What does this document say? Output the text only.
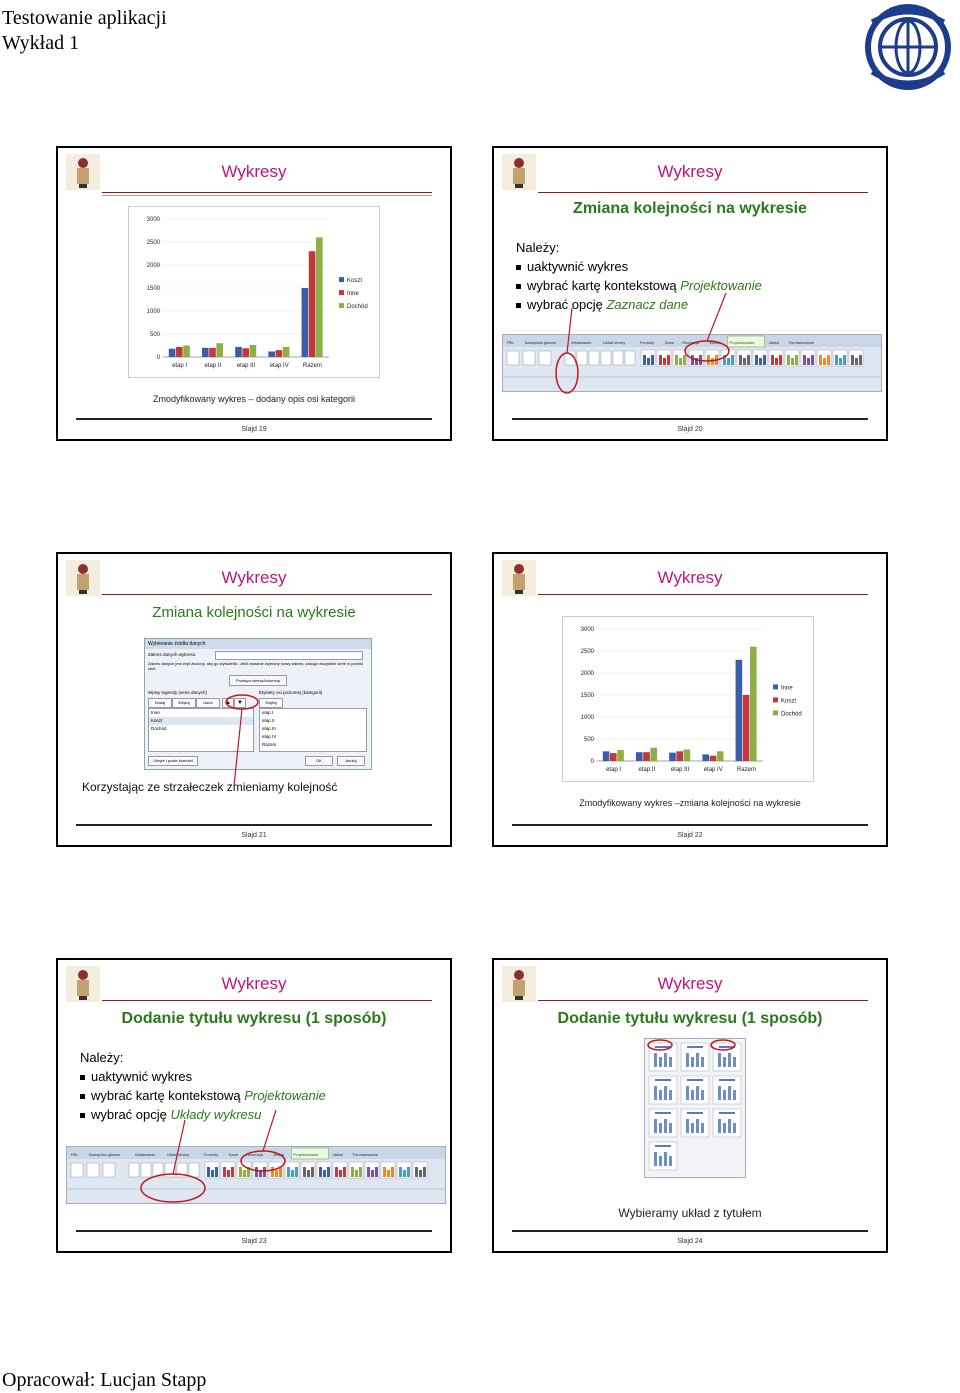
Testowanie aplikacji
Wykład 1
Wykresy
0
500
1000
1500
2000
2500
3000
etap I	etap II	etap III etap IV Razem
Koszt
Inne
Dochód
Zmodyfikowany wykres – dodany opis osi kategorii
Slajd 19
Wykresy
Zmiana kolejności na wykresie
Należy:
uaktywnić wykres
wybrać kartę kontekstową Projektowanie
wybrać opcję Zaznacz dane
Plik	Narzędzia główne	Wstawianie	Układ strony	Formuły	Dane Recenzja	Widok Projektowanie	Układ Formatowanie
Slajd 20
Wykresy
Zmiana kolejności na wykresie
Wybieranie źródła danych
Zakres danych wykresu:
Zakres danych jest zbyt złożony, aby go wyświetlić. Jeśli zostanie wybrany nowy zakres, zastąpi wszystkie serie w panelu serii.
Przełącz wiersz/kolumnę
Wpisy legendy (serie danych)	Etykiety osi poziomej (kategorii)
Dodaj	Edytuj	Usuń	▲	▼	Edytuj
Inne
Koszt
Dochód
etap I
etap II
etap III
etap IV
Razem
Ukryte i puste komórki	OK	Anuluj
Korzystając ze strzałeczek zmieniamy kolejność
Slajd 21
Wykresy
0
500
1000
1500
2000
2500
3000
etap I	etap II	etap III etap IV Razem
Inne
Koszt
Dochód
Zmodyfikowany wykres –zmiana kolejności na wykresie
Slajd 22
Wykresy
Dodanie tytułu wykresu (1 sposób)
Należy:
uaktywnić wykres
wybrać kartę kontekstową Projektowanie
wybrać opcję Układy wykresu
Plik	Narzędzia główne	Wstawianie	Układ strony	Formuły	Dane Recenzja	Widok Projektowanie	Układ Formatowanie
Slajd 23
Wykresy
Dodanie tytułu wykresu (1 sposób)
Wybieramy układ z tytułem
Slajd 24
Opracował: Lucjan Stapp
